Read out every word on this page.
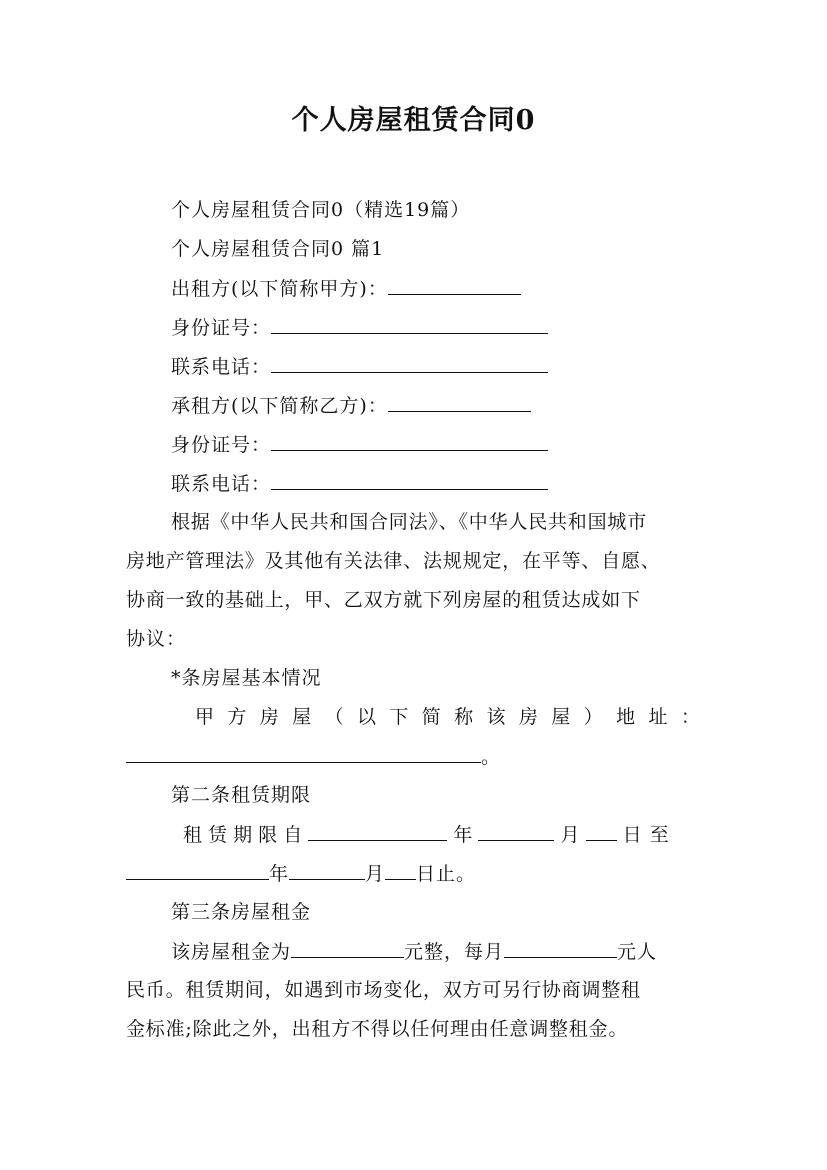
个人房屋租赁合同0
个人房屋租赁合同0（精选19篇）
个人房屋租赁合同0 篇1
出租方(以下简称甲方)：
身份证号：
联系电话：
承租方(以下简称乙方)：
身份证号：
联系电话：
根据《中华人民共和国合同法》、《中华人民共和国城市
房地产管理法》及其他有关法律、法规规定，在平等、自愿、
协商一致的基础上，甲、乙双方就下列房屋的租赁达成如下
协议：
*条房屋基本情况
甲 方 房 屋 （ 以 下 简 称 该 房 屋 ） 地 址 ：
。
第二条租赁期限
租 赁 期 限 自	年	月 日至
年	月 日止。
第三条房屋租金
该房屋租金为	元整，每月	元人
民币。租赁期间，如遇到市场变化，双方可另行协商调整租
金标准;除此之外，出租方不得以任何理由任意调整租金。
